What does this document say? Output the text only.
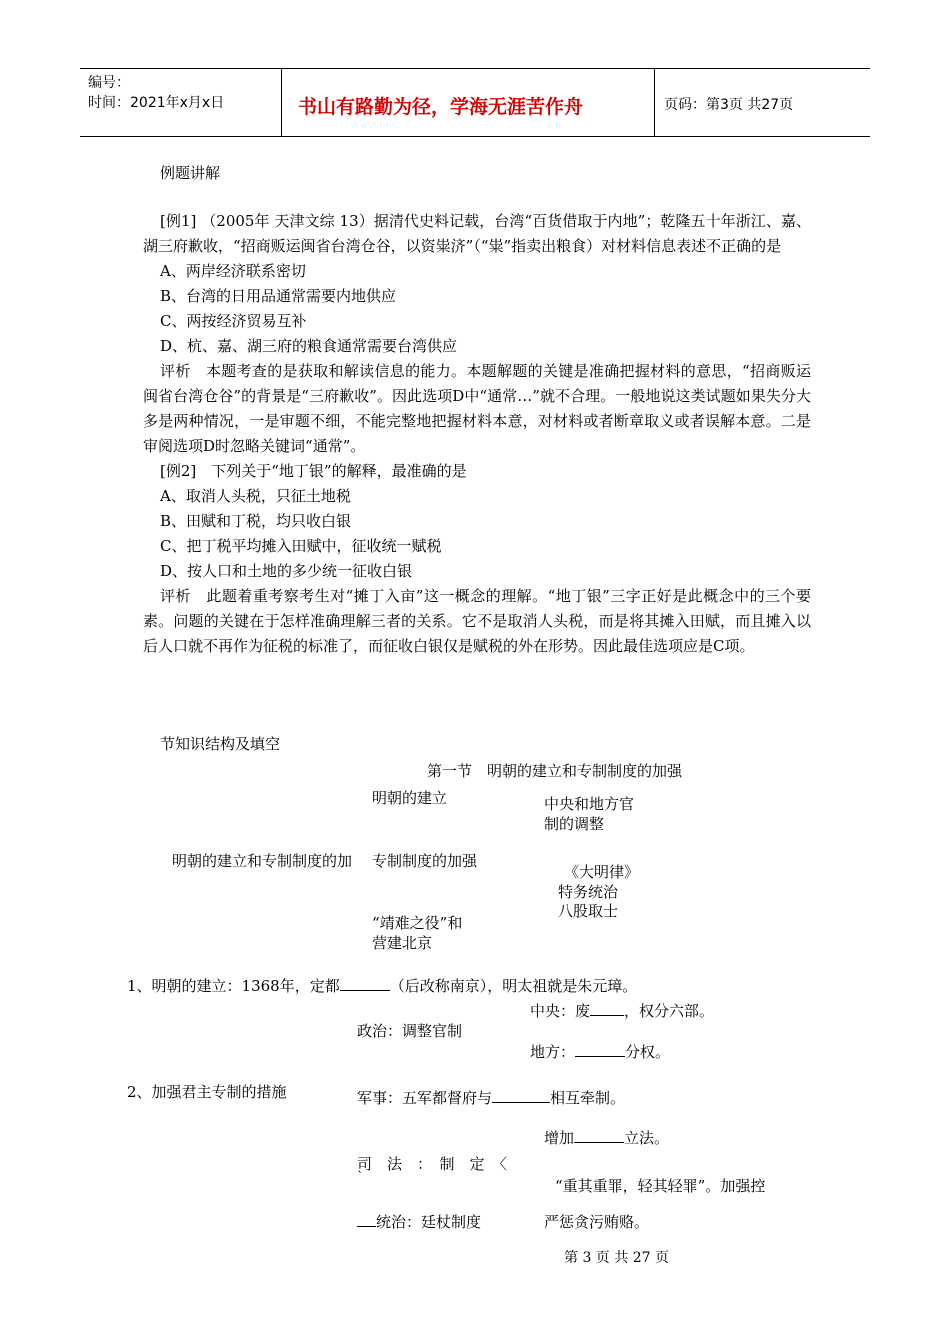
编号：
时间：2021年x月x日	书山有路勤为径，学海无涯苦作舟	页码：第3页 共27页
例题讲解

[例1] （2005年 天津文综 13）据清代史料记载，台湾“百货借取于内地”；乾隆五十年浙江、嘉、湖三府歉收，“招商贩运闽省台湾仓谷，以资粜济”（“粜”指卖出粮食）对材料信息表述不正确的是

A、两岸经济联系密切
B、台湾的日用品通常需要内地供应
C、两按经济贸易互补
D、杭、嘉、湖三府的粮食通常需要台湾供应

评析　本题考查的是获取和解读信息的能力。本题解题的关键是准确把握材料的意思，“招商贩运闽省台湾仓谷”的背景是“三府歉收”。因此选项D中“通常…”就不合理。一般地说这类试题如果失分大多是两种情况，一是审题不细，不能完整地把握材料本意，对材料或者断章取义或者误解本意。二是审阅选项D时忽略关键词“通常”。

[例2]　下列关于“地丁银”的解释，最准确的是
A、取消人头税，只征土地税
B、田赋和丁税，均只收白银
C、把丁税平均摊入田赋中，征收统一赋税
D、按人口和土地的多少统一征收白银

评析　此题着重考察考生对“摊丁入亩”这一概念的理解。“地丁银”三字正好是此概念中的三个要素。问题的关键在于怎样准确理解三者的关系。它不是取消人头税，而是将其摊入田赋，而且摊入以后人口就不再作为征税的标准了，而征收白银仅是赋税的外在形势。因此最佳选项应是C项。

节知识结构及填空
第一节　明朝的建立和专制制度的加强
明朝的建立	中央和地方官
制的调整
明朝的建立和专制制度的加 专制制度的加强
《大明律》
特务统治
八股取士
“靖难之役”和
营建北京
1、明朝的建立：1368年，定都	（后改称南京），明太祖就是朱元璋。
中央：废 ，权分六部。
政治：调整官制
地方：	分权。
2、加强君主专制的措施	军事：五军都督府与	相互牵制。
增加	立法。
司　法　：　制　定　〈
`	“重其重罪，轻其轻罪”。加强控
统治：廷杖制度	严惩贪污贿赂。
第 3 页 共 27 页
